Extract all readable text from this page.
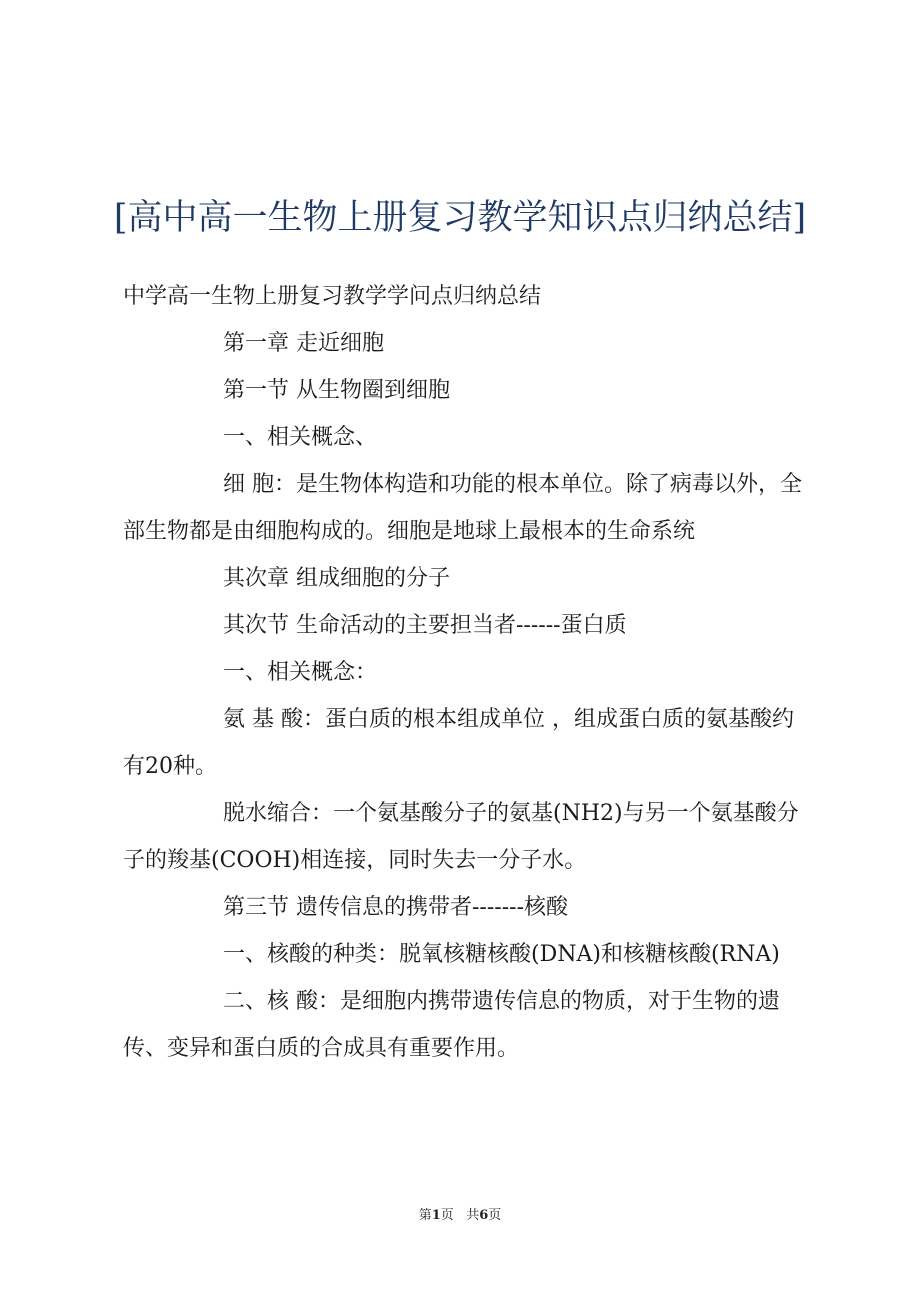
[高中高一生物上册复习教学知识点归纳总结]

中学高一生物上册复习教学学问点归纳总结

第一章 走近细胞

第一节 从生物圈到细胞

一、相关概念、

细 胞：是生物体构造和功能的根本单位。除了病毒以外，全部生物都是由细胞构成的。细胞是地球上最根本的生命系统

其次章 组成细胞的分子

其次节 生命活动的主要担当者------蛋白质

一、相关概念：

氨 基 酸：蛋白质的根本组成单位 ，组成蛋白质的氨基酸约有20种。

脱水缩合：一个氨基酸分子的氨基(NH2)与另一个氨基酸分子的羧基(COOH)相连接，同时失去一分子水。

第三节 遗传信息的携带者-------核酸

一、核酸的种类：脱氧核糖核酸(DNA)和核糖核酸(RNA)

二、核 酸：是细胞内携带遗传信息的物质，对于生物的遗传、变异和蛋白质的合成具有重要作用。

第1页 共6页
